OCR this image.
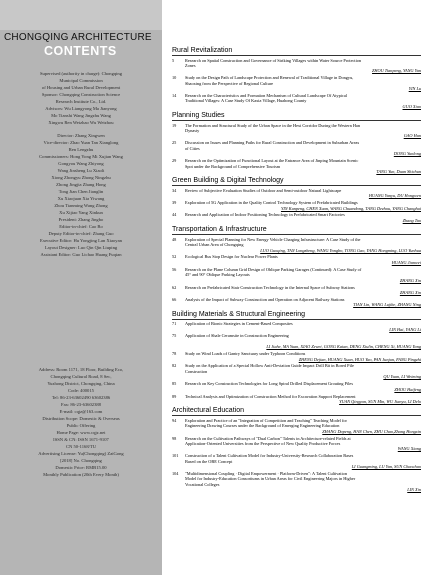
CHONGQING ARCHITECTURE
CONTENTS
Supervised (authority in charge): Chongqing
Municipal Commission
of Housing and Urban Rural Development
Sponsor: Chongqing Construction Science
Research Institute Co., Ltd.
Advisors: Wu Liangyong Ma Jianyong
Mo Tianshi Wang Jingzhu Wang
Xingwu Ren Weizhao Wu Weizhou
Director: Zhang Xingwen
Vice-director: Zhao Yuan Tan Xianglong
Ren Lengzhu
Commissioners: Hong Yong Mi Xujian Wang
Gongyou Wang Zhiyong
Wang Jinsheng Lu Xiaoli
Xiong Zhongyu Zhong Ningzhu
Zhong Jingjia Zhang Hong
Tong Jian Chen Jianglin
Xu Xiaojuan Xia Yiwang
Zhou Tianming Wang Zhong
Xu Xijiao Yang Xinkun
President: Zhang Jingbo
Editor-in-chief: Cao Bo
Deputy Editor-in-chief: Zhang Guo
Executive Editor: Hu Yongjing Lan Xiaoyan
Layout Designer: Luo Qin Qin Liuping
Assistant Editor: Guo Lichao Huang Fuqian
Address: Room 1171, 18 Floor, Building Eco,
Chongqing Cultural Road, 8 Sec,
Yuzhong District, Chongqing, China
Code: 400015
Tel: 86-23-63602490 63602386
Fax: 86-23-63602388
E-mail: cqjz@163.com
Distribution Scope: Domestic & Overseas
Public Offering
Home Page: www.cqjz.net
ISSN & CN: ISSN 1671-9107
CN 50-1168/TU
Advertising License: Yu(Chongqing) ZaiGong
[2018] No. Chongqing
Domestic Price: RMB15.00
Monthly Publication (20th Every Month)
Rural Revitalization
5	Research on Spatial Construction and Governance of Striking Villages within Water Source Protection
Zones
ZHOU Tianpeng, YANG Yan
10	Study on the Design Path of Landscape Protection and Renewal of Traditional Village in Dongyu,
Shaoxing from the Perspective of Regional Culture
YIN Lu
14	Research on the Characteristics and Formation Mechanism of Cultural Landscape Of Atypical
Traditional Villages: A Case Study Of Kaxia Village, Huahong County
GUO Xiao
Planning Studies
19	The Formation and Structural Study of the Urban Space in the Hexi Corridor During the Western Han
Dynasty
GAO Han
25	Discussion on Issues and Planning Paths for Rural Construction and Development in Suburban Areas
of Cities
DONG Yunlong
29	Research on the Optimization of Functional Layout at the Entrance Area of Jinping Mountain Scenic
Spot under the Background of Comprehensive Tourism
TANG Yun, Duan Shichun
Green Building & Digital Technology
34	Review of Subjective Evaluation Studies of Outdoor and Semi-outdoor Natural Lightscape
HUANG Yanyu, DU Hongwen
39	Exploration of 5G Application in the Quality Control Technology System of Prefabricated Buildings
YIN Kunpeng, CHEN Xuan, WANG Chuandong, TANG Dezhou, YANG Changhui
44	Research and Application of Indoor Positioning Technology in Prefabricated Smart Factories
Zhang Tao
Transportation & Infrastructure
48	Exploration of Special Planning for New Energy Vehicle Charging Infrastructure: A Case Study of the
Central Urban Area of Chongqing
LUO Guoqing, TAN Longzheng, WANG Yongbo, TONG Gao, YANG Hongming, LUO Yunhua
52	Ecological Bus Stop Design for Nuclear Power Plants
HUANG Jianwei
56	Research on the Plane Column Grid Design of Oblique Parking Garages (Continued): A Case Study of
45° and 90° Oblique Parking Layouts
ZHANG Xin
62	Research on Prefabricated Stair Construction Technology in the Internal Space of Subway Stations
ZHANG Xin
66	Analysis of the Impact of Subway Construction and Operation on Adjacent Railway Stations
TIAN Lin, WANG Lujihe, ZHANG Ning
Building Materials & Structural Engineering
71	Application of Bionic Strategies in Cement-Based Composites
LIN Hai, YANG Li
75	Application of Shale Ceramsite in Construction Engineering

LI Jiahe, MA Yuan, XIAO Zewei, GONG Kaian, DENG Xiulin, CHENG Xi, HUANG Yang
78	Study on Wind Loads of Gantry Sanctuary under Typhoon Conditions
ZHENG Dejian, HUANG Xuan, HUO Yao, PAN Junjun, FANG Pingzhi
82	Study on the Application of a Special Hollow Anti-Deviation Guide Impact Drill Bit in Bored Pile
Construction
QU Yuan, LI Weiming
85	Research on Key Construction Technologies for Long Spiral Drilled Displacement Grouting Piles
ZHOU Haifeng
89	Technical Analysis and Optimization of Construction Method for Excavation Support Replacement
YUAN Qingyan, SUN Min, WU Jianyu, LI Delo
Architectural Education
94	Exploration and Practice of an "Integration of Competition and Teaching" Teaching Model for
Engineering Drawing Courses under the Background of Emerging Engineering Education
ZHANG Dapeng, HAN Chen, ZHU Chao,Zhang Hongxin
98	Research on the Cultivation Pathways of "Dual Carbon" Talents in Architecture-related Fields at
Application-Oriented Universities from the Perspective of New Quality Productive Forces
WANG Xiang
101	Construction of a Talent Cultivation Model for Industry-University-Research Collaboration Bases
Based on the OBE Concept
LI Guangming, LU Yan, SUN Chaochao
104	"Multidimensional Coupling · Digital Empowerment · Platform-Driven": A Talent Cultivation
Model for Industry-Education Consortiums in Urban Areas for Civil Engineering Majors in Higher
Vocational Colleges
LIN Xin
